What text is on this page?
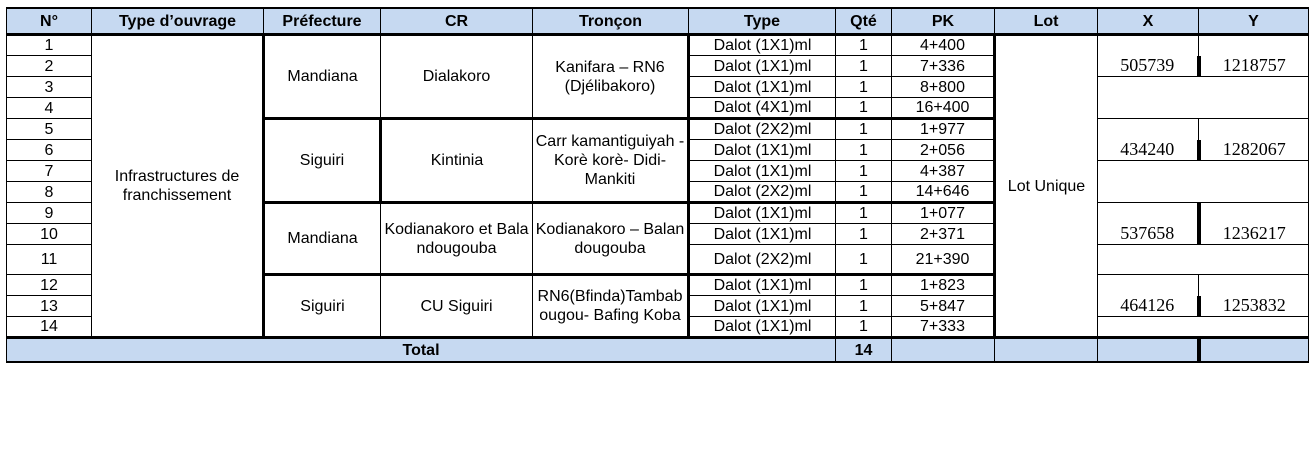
N°	Type d’ouvrage	Préfecture	CR	Tronçon	Type	Qté	PK	Lot	X	Y
1	Infrastructures de franchissement	Mandiana	Dialakoro	Kanifara – RN6 (Djélibakoro)	Dalot (1X1)ml	1	4+400	Lot Unique		
2					Dalot (1X1)ml	1	7+336		505739	1218757
3					Dalot (1X1)ml	1	8+800			
4					Dalot (4X1)ml	1	16+400			
5		Siguiri	Kintinia	Carr kamantiguiyah -Korè korè- Didi-Mankiti	Dalot (2X2)ml	1	1+977			
6					Dalot (1X1)ml	1	2+056		434240	1282067
7					Dalot (1X1)ml	1	4+387			
8					Dalot (2X2)ml	1	14+646			
9		Mandiana	Kodianakoro et Balandougouba	Kodianakoro – Balandougouba	Dalot (1X1)ml	1	1+077			
10					Dalot (1X1)ml	1	2+371		537658	1236217
11					Dalot (2X2)ml	1	21+390			
12		Siguiri	CU Siguiri	RN6(Bfinda)Tambabougou- Bafing Koba	Dalot (1X1)ml	1	1+823			
13					Dalot (1X1)ml	1	5+847		464126	1253832
14					Dalot (1X1)ml	1	7+333			
Total						14				
